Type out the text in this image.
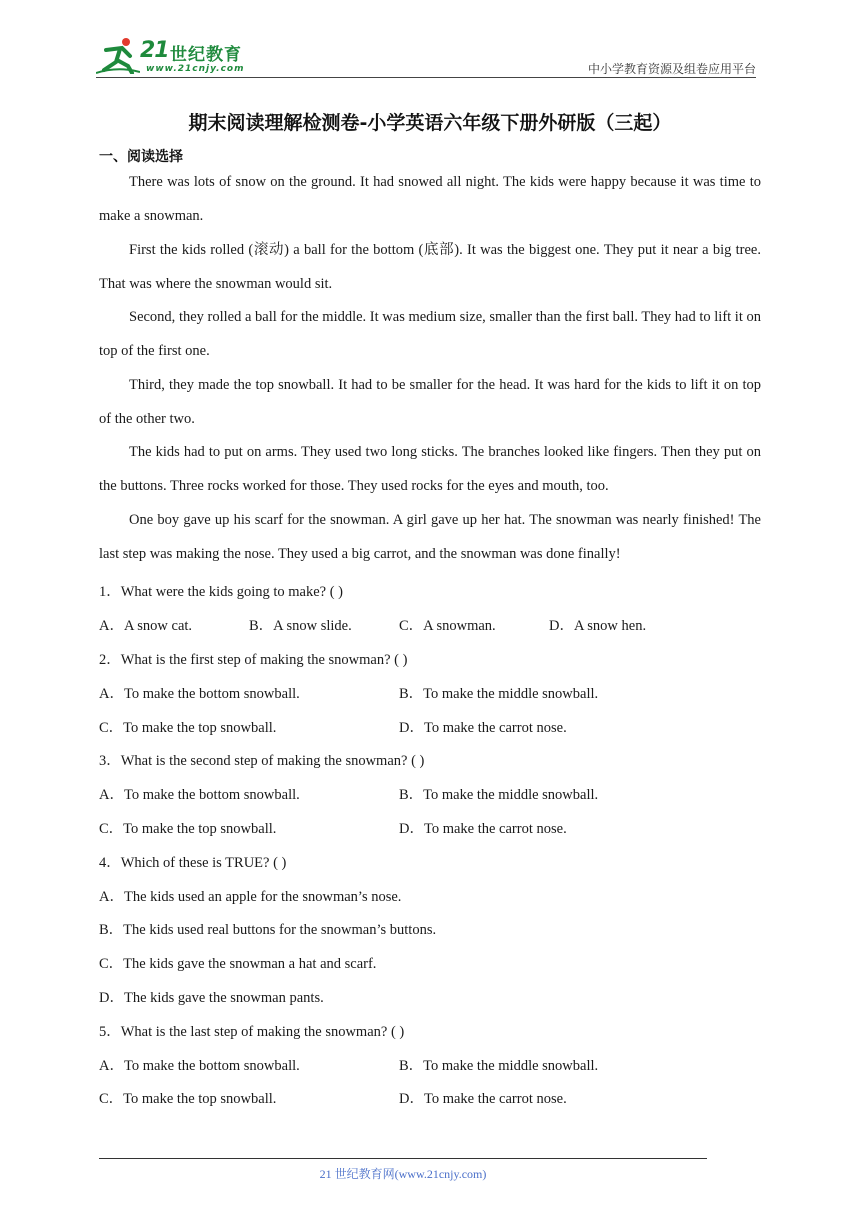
21 世纪教育
www.21cnjy.com	中小学教育资源及组卷应用平台
期末阅读理解检测卷-小学英语六年级下册外研版（三起）
一、阅读选择

There was lots of snow on the ground. It had snowed all night. The kids were happy because it was time to make a snowman.

First the kids rolled (滚动) a ball for the bottom (底部). It was the biggest one. They put it near a big tree. That was where the snowman would sit.

Second, they rolled a ball for the middle. It was medium size, smaller than the first ball. They had to lift it on top of the first one.

Third, they made the top snowball. It had to be smaller for the head. It was hard for the kids to lift it on top of the other two.

The kids had to put on arms. They used two long sticks. The branches looked like fingers. Then they put on the buttons. Three rocks worked for those. They used rocks for the eyes and mouth, too.

One boy gave up his scarf for the snowman. A girl gave up her hat. The snowman was nearly finished! The last step was making the nose. They used a big carrot, and the snowman was done finally!

1．What were the kids going to make? ( )
A．A snow cat.	B．A snow slide.	C．A snowman.	D．A snow hen.
2．What is the first step of making the snowman? ( )
A．To make the bottom snowball.	B．To make the middle snowball.
C．To make the top snowball.	D．To make the carrot nose.
3．What is the second step of making the snowman? ( )
A．To make the bottom snowball.	B．To make the middle snowball.
C．To make the top snowball.	D．To make the carrot nose.
4．Which of these is TRUE? ( )
A．The kids used an apple for the snowman’s nose.
B．The kids used real buttons for the snowman’s buttons.
C．The kids gave the snowman a hat and scarf.
D．The kids gave the snowman pants.
5．What is the last step of making the snowman? ( )
A．To make the bottom snowball.	B．To make the middle snowball.
C．To make the top snowball.	D．To make the carrot nose.
21 世纪教育网(www.21cnjy.com)
